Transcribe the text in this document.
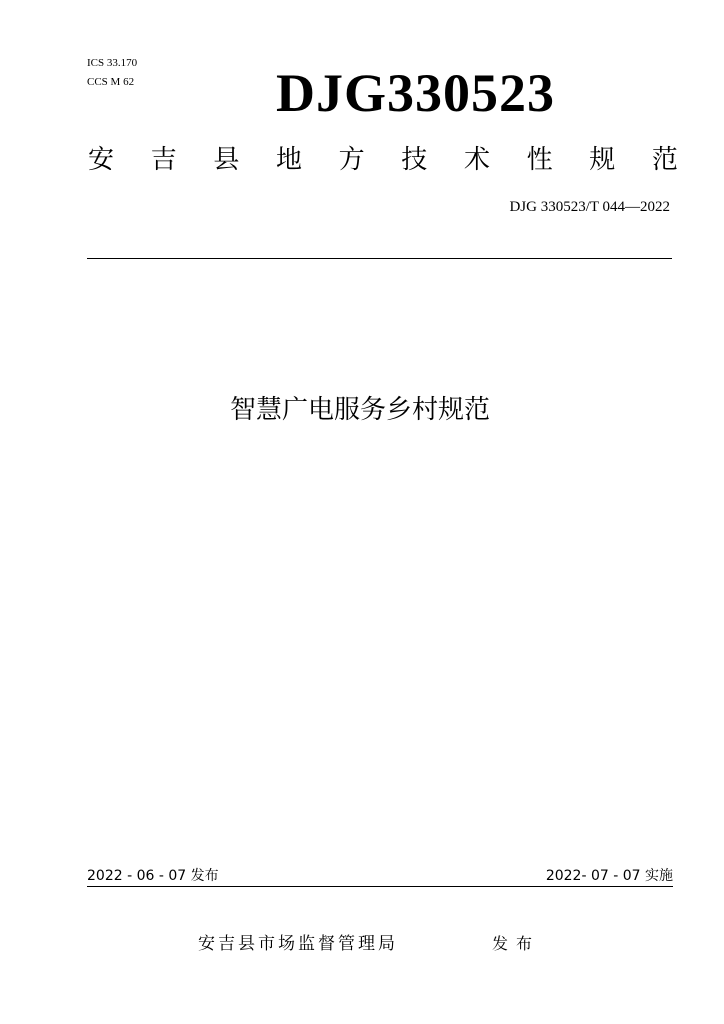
ICS 33.170
CCS M 62	DJG330523
安 吉 县 地 方 技 术 性 规 范
DJG 330523/T 044—2022
智慧广电服务乡村规范
2022 - 06 - 07 发布	2022- 07 - 07 实施
安吉县市场监督管理局	发布
